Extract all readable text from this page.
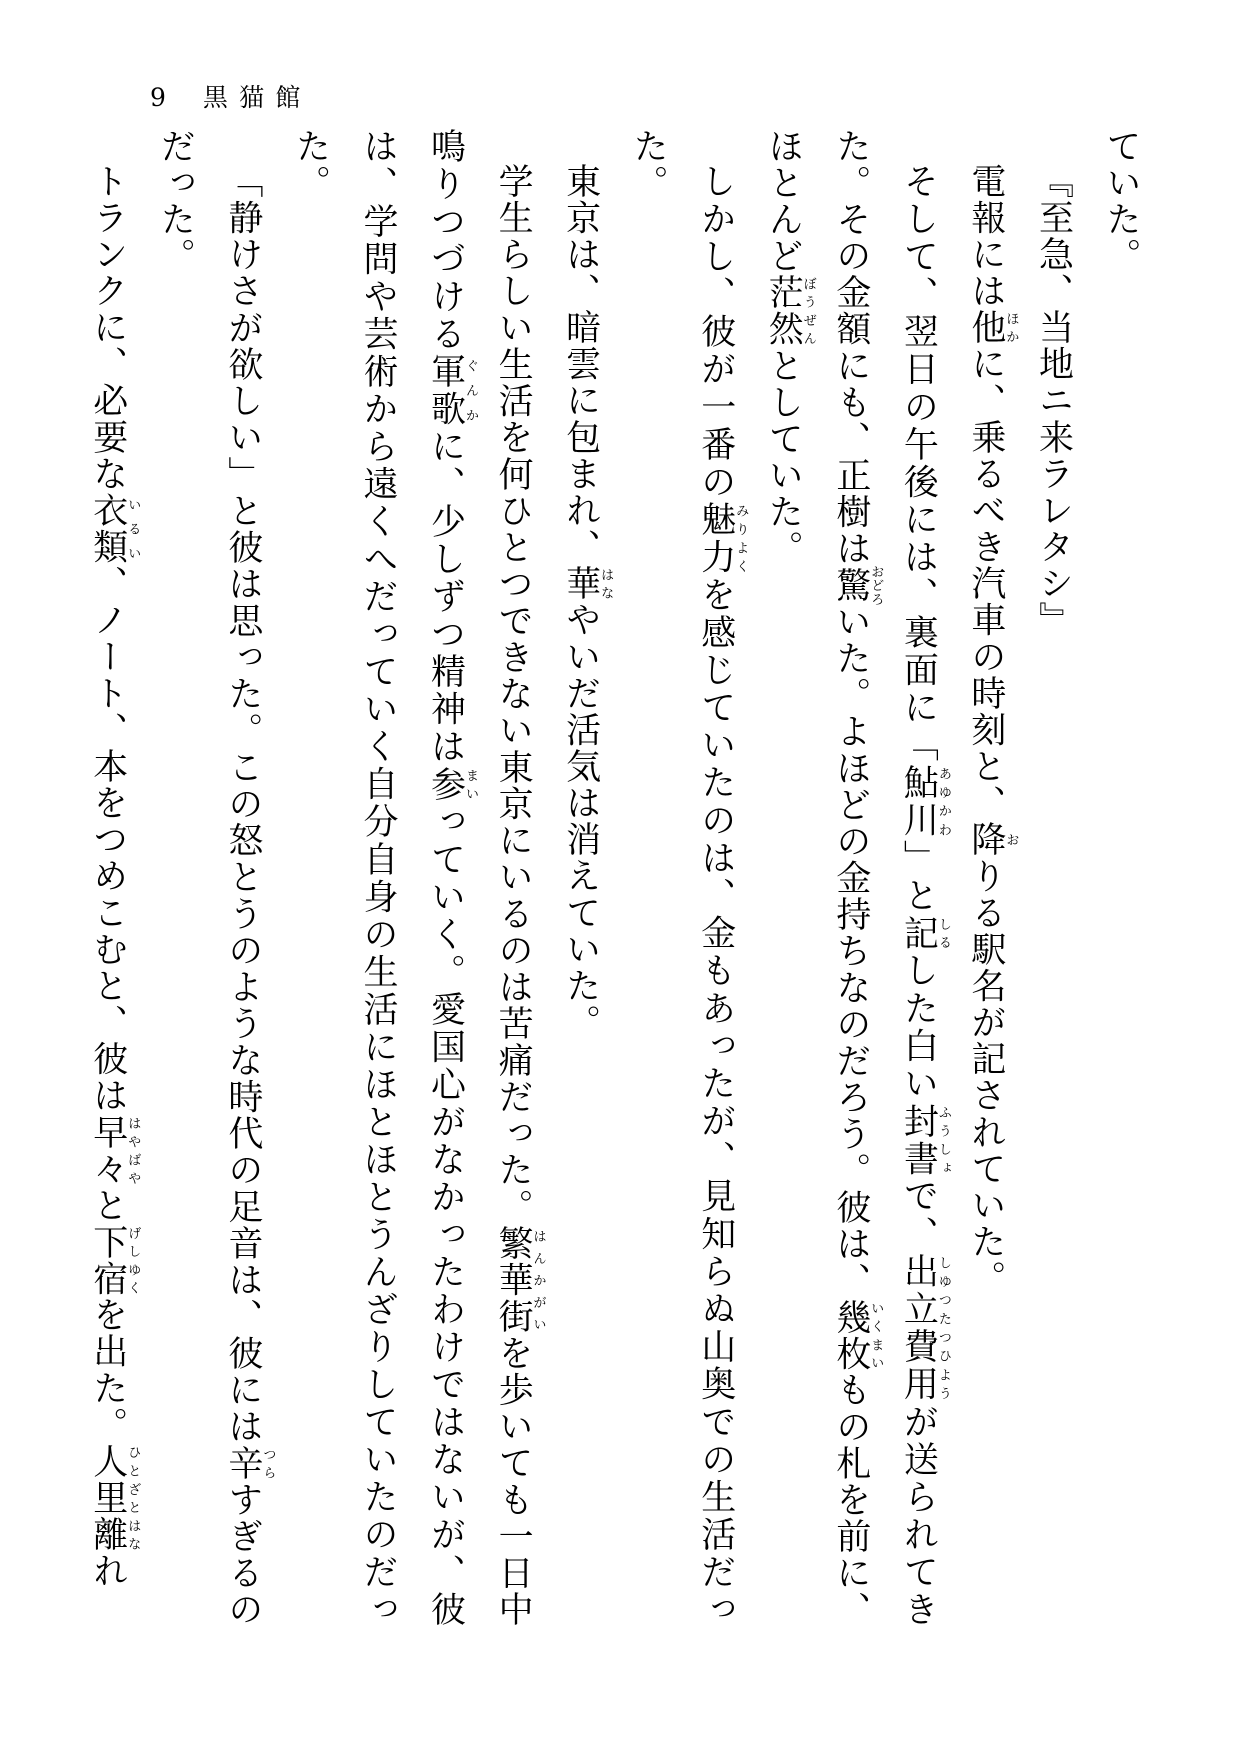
9 黒猫館

ていた。

『至急、当地ニ来ラレタシ』

電報には他ほかに、乗るべき汽車の時刻と、降おりる駅名が記されていた。

そして、翌日の午後には、裏面に「鮎川あゆかわ」と記しるした白い封書ふうしょで、出立費用しゆつたつひようが送られてきた。その金額にも、正樹は驚おどろいた。よほどの金持ちなのだろう。彼は、幾枚いくまいもの札を前に、ほとんど茫然ぼうぜんとしていた。

しかし、彼が一番の魅力みりよくを感じていたのは、金もあったが、見知らぬ山奥での生活だった。

東京は、暗雲に包まれ、華はなやいだ活気は消えていた。

学生らしい生活を何ひとつできない東京にいるのは苦痛だった。繁華街はんかがいを歩いても一日中鳴りつづける軍歌ぐんかに、少しずつ精神は参まいっていく。愛国心がなかったわけではないが、彼は、学問や芸術から遠くへだっていく自分自身の生活にほとほとうんざりしていたのだった。

「静けさが欲しい」と彼は思った。この怒とうのような時代の足音は、彼には辛つらすぎるのだった。

トランクに、必要な衣類いるい、ノート、本をつめこむと、彼は早々はやばやと下宿げしゆくを出た。人里離ひとざとはなれ
